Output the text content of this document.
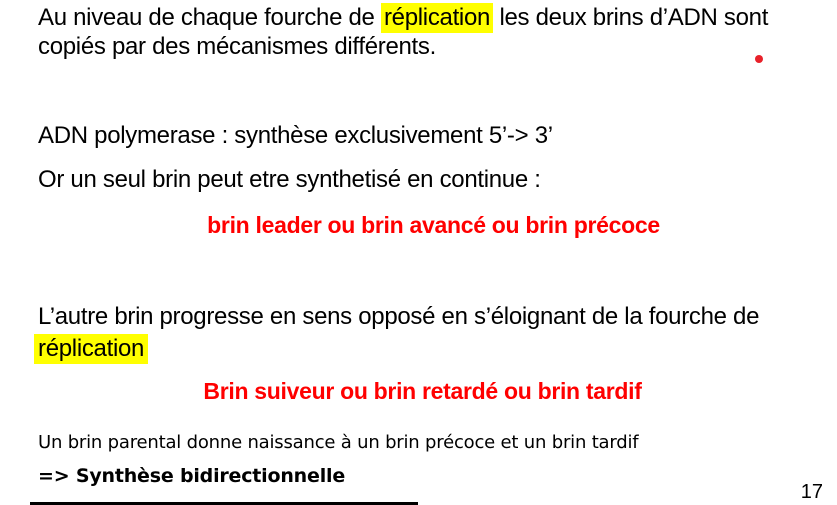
Au niveau de chaque fourche de réplication les deux brins d’ADN sont
copiés par des mécanismes différents.
ADN polymerase : synthèse exclusivement 5’-> 3’
Or un seul brin peut etre synthetisé en continue :
brin leader ou brin avancé ou brin précoce
L’autre brin progresse en sens opposé en s’éloignant de la fourche de
réplication
Brin suiveur ou brin retardé ou brin tardif
Un brin parental donne naissance à un brin précoce et un brin tardif
=> Synthèse bidirectionnelle
17
